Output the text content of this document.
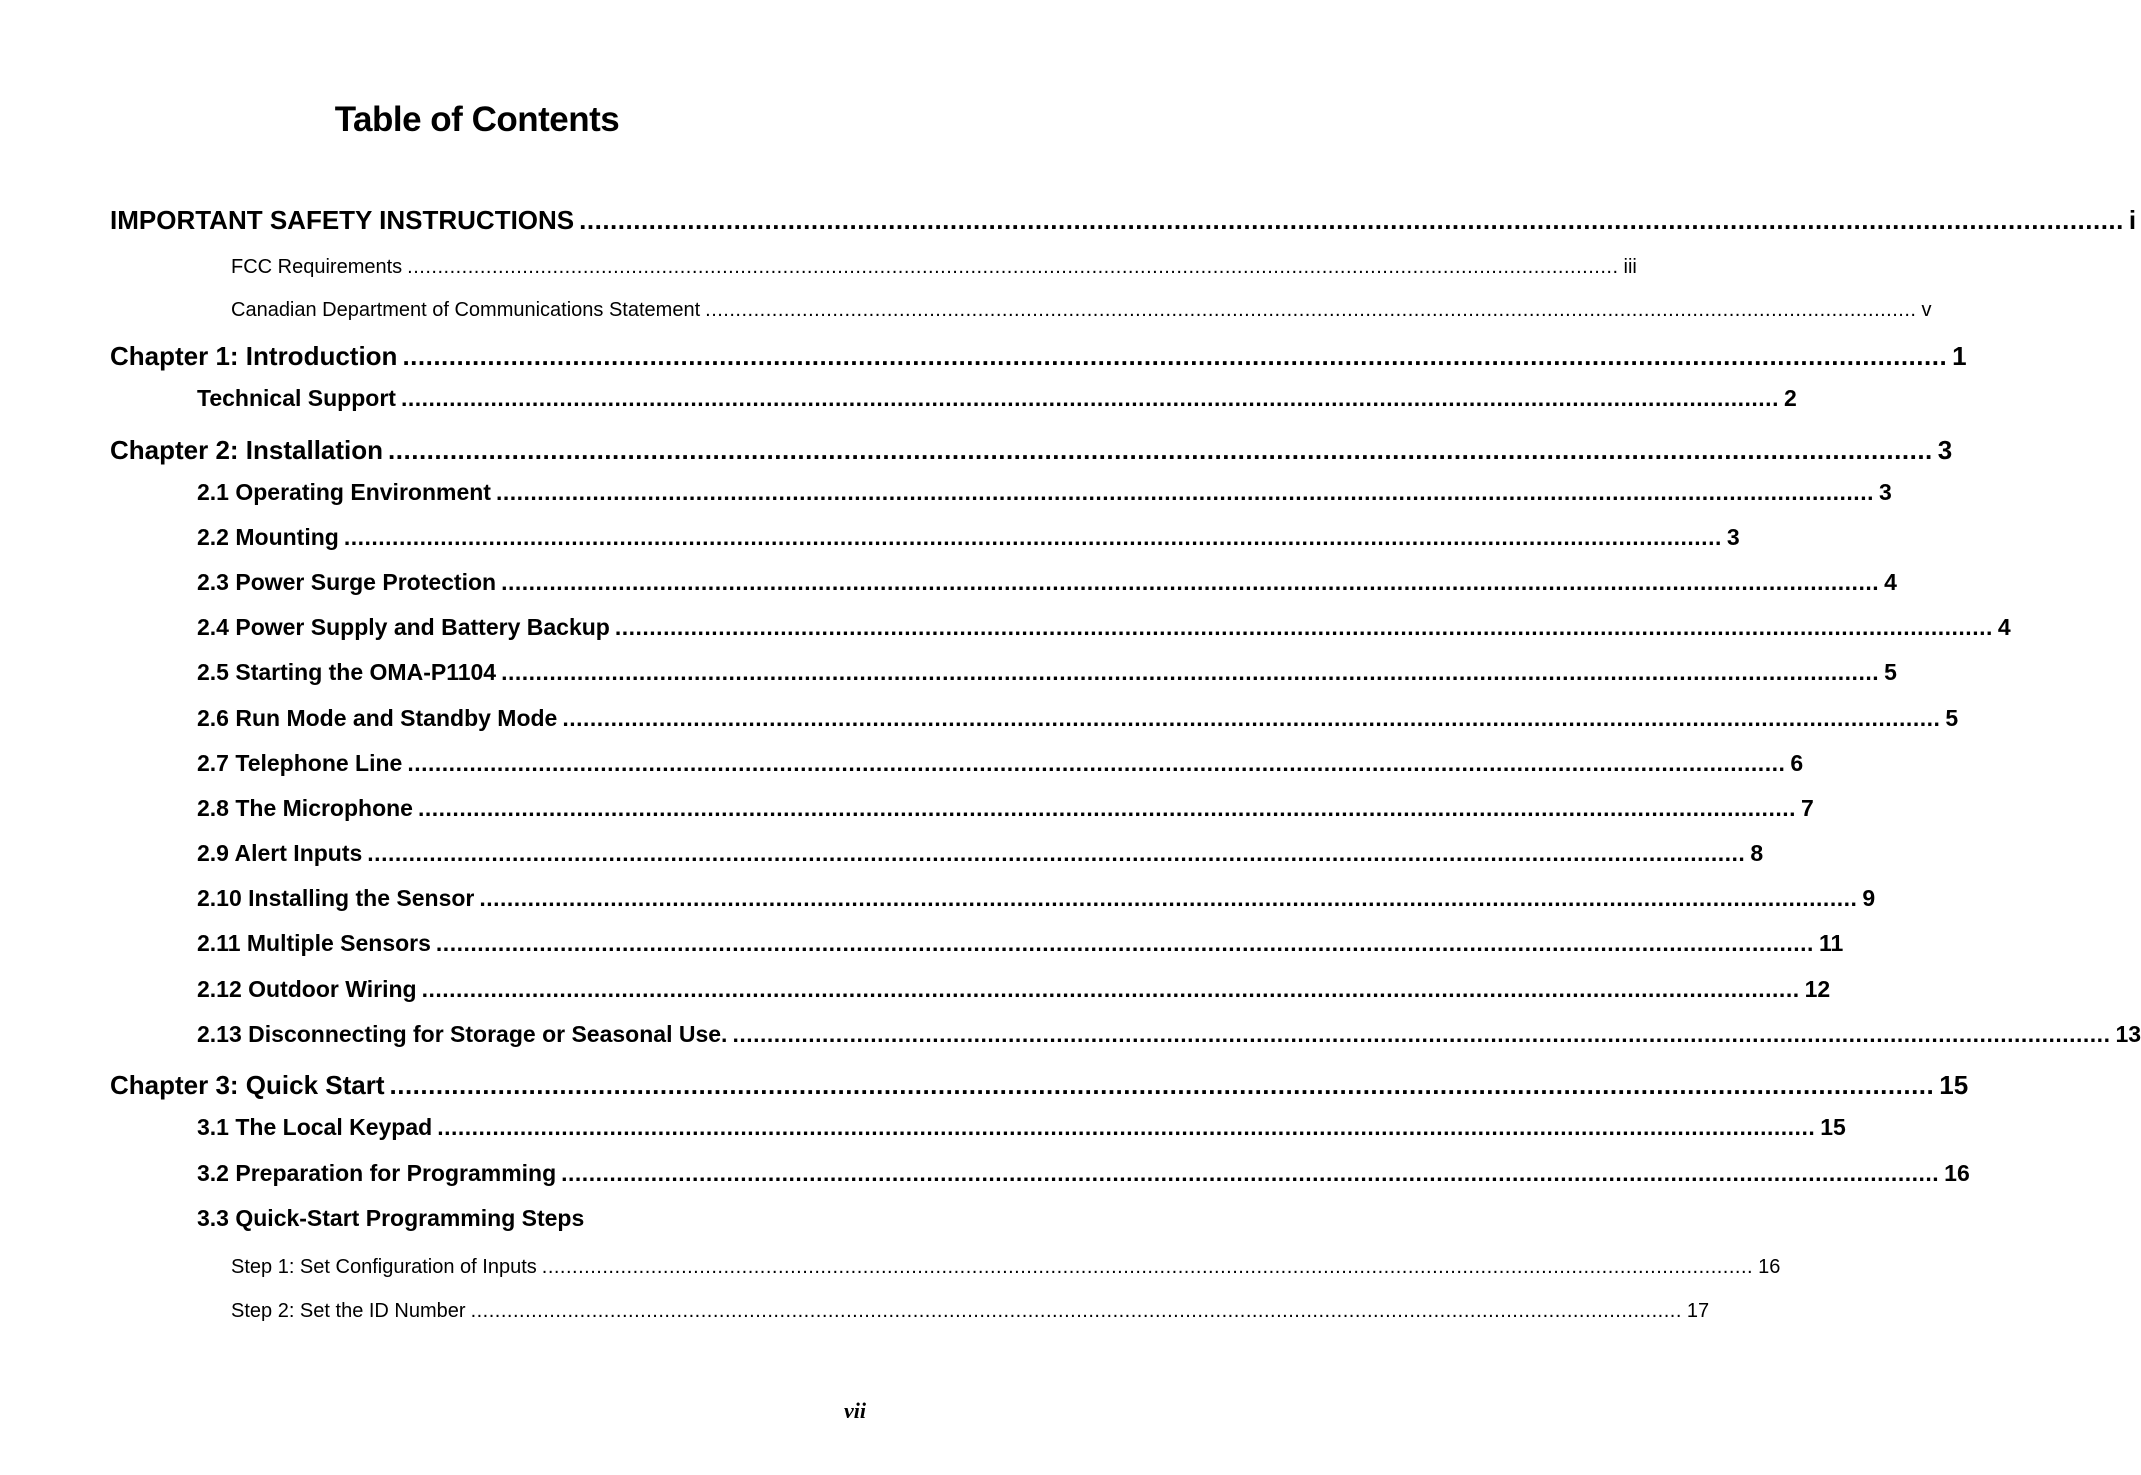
Table of Contents
IMPORTANT SAFETY INSTRUCTIONS ........................................................................................................................................................................................................ i
FCC Requirements ........................................................................................................................................................................................................ iii
Canadian Department of Communications Statement ........................................................................................................................................................................................................ v
Chapter 1: Introduction ........................................................................................................................................................................................................ 1
Technical Support ........................................................................................................................................................................................................ 2
Chapter 2: Installation ........................................................................................................................................................................................................ 3
2.1 Operating Environment ........................................................................................................................................................................................................ 3
2.2 Mounting ........................................................................................................................................................................................................ 3
2.3 Power Surge Protection ........................................................................................................................................................................................................ 4
2.4 Power Supply and Battery Backup ........................................................................................................................................................................................................ 4
2.5 Starting the OMA-P1104 ........................................................................................................................................................................................................ 5
2.6 Run Mode and Standby Mode ........................................................................................................................................................................................................ 5
2.7 Telephone Line ........................................................................................................................................................................................................ 6
2.8 The Microphone ........................................................................................................................................................................................................ 7
2.9 Alert Inputs ........................................................................................................................................................................................................ 8
2.10 Installing the Sensor ........................................................................................................................................................................................................ 9
2.11 Multiple Sensors ........................................................................................................................................................................................................ 11
2.12 Outdoor Wiring ........................................................................................................................................................................................................ 12
2.13 Disconnecting for Storage or Seasonal Use. ........................................................................................................................................................................................................ 13
Chapter 3: Quick Start ........................................................................................................................................................................................................ 15
3.1 The Local Keypad ........................................................................................................................................................................................................ 15
3.2 Preparation for Programming ........................................................................................................................................................................................................ 16
3.3 Quick-Start Programming Steps
Step 1: Set Configuration of Inputs ........................................................................................................................................................................................................ 16
Step 2: Set the ID Number ........................................................................................................................................................................................................ 17
vii
